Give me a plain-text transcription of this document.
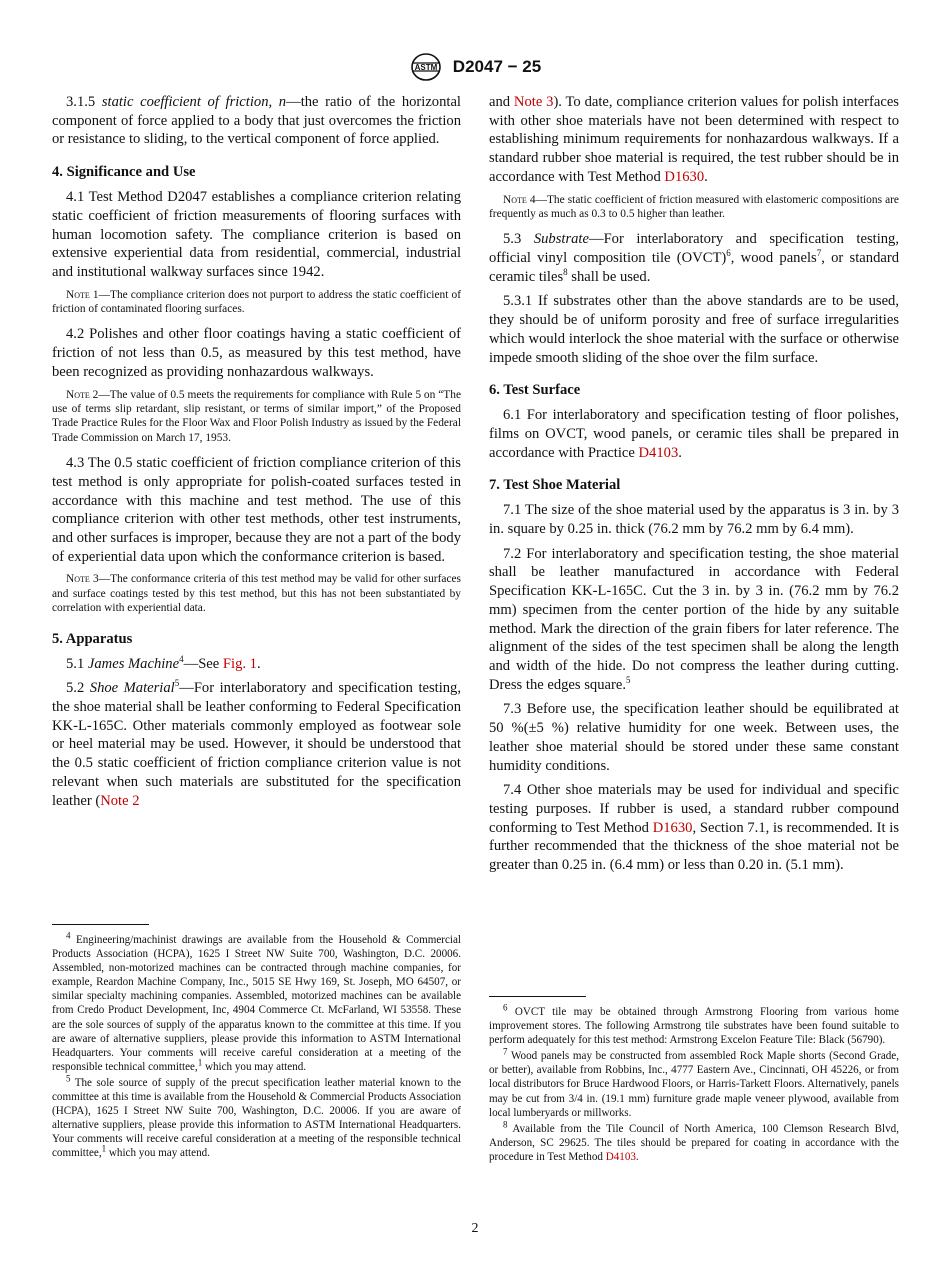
ASTM D2047 − 25

3.1.5 static coefficient of friction, n—the ratio of the horizontal component of force applied to a body that just overcomes the friction or resistance to sliding, to the vertical component of force applied.

4. Significance and Use

4.1 Test Method D2047 establishes a compliance criterion relating static coefficient of friction measurements of flooring surfaces with human locomotion safety. The compliance criterion is based on extensive experiential data from residential, commercial, industrial and institutional walkway surfaces since 1942.

Note 1—The compliance criterion does not purport to address the static coefficient of friction of contaminated flooring surfaces.

4.2 Polishes and other floor coatings having a static coefficient of friction of not less than 0.5, as measured by this test method, have been recognized as providing nonhazardous walkways.

Note 2—The value of 0.5 meets the requirements for compliance with Rule 5 on “The use of terms slip retardant, slip resistant, or terms of similar import,” of the Proposed Trade Practice Rules for the Floor Wax and Floor Polish Industry as issued by the Federal Trade Commission on March 17, 1953.

4.3 The 0.5 static coefficient of friction compliance criterion of this test method is only appropriate for polish-coated surfaces tested in accordance with this machine and test method. The use of this compliance criterion with other test methods, other test instruments, and other surfaces is improper, because they are not a part of the body of experiential data upon which the conformance criterion is based.

Note 3—The conformance criteria of this test method may be valid for other surfaces and surface coatings tested by this test method, but this has not been substantiated by correlation with experiential data.
5. Apparatus

5.1 James Machine$^4$—See Fig. 1.

5.2 Shoe Material$^5$—For interlaboratory and specification testing, the shoe material shall be leather conforming to Federal Specification KK-L-165C. Other materials commonly employed as footwear sole or heel material may be used. However, it should be understood that the 0.5 static coefficient of friction compliance criterion value is not relevant when such materials are substituted for the specification leather (Note 2

$^4$ Engineering/machinist drawings are available from the Household & Commercial Products Association (HCPA), 1625 I Street NW Suite 700, Washington, D.C. 20006. Assembled, non-motorized machines can be contracted through machine companies, for example, Reardon Machine Company, Inc., 5015 SE Hwy 169, St. Joseph, MO 64507, or similar specialty machining companies. Assembled, motorized machines can be available from Credo Product Development, Inc, 4904 Commerce Ct. McFarland, WI 53558. These are the sole sources of supply of the apparatus known to the committee at this time. If you are aware of alternative suppliers, please provide this information to ASTM International Headquarters. Your comments will receive careful consideration at a meeting of the responsible technical committee,$^1$ which you may attend.
$^5$ The sole source of supply of the precut specification leather material known to the committee at this time is available from the Household & Commercial Products Association (HCPA), 1625 I Street NW Suite 700, Washington, D.C. 20006. If you are aware of alternative suppliers, please provide this information to ASTM International Headquarters. Your comments will receive careful consideration at a meeting of the responsible technical committee,$^1$ which you may attend.

and Note 3). To date, compliance criterion values for polish interfaces with other shoe materials have not been determined with respect to establishing minimum requirements for nonhazardous walkways. If a standard rubber shoe material is required, the test rubber should be in accordance with Test Method D1630.

Note 4—The static coefficient of friction measured with elastomeric compositions are frequently as much as 0.3 to 0.5 higher than leather.

5.3 Substrate—For interlaboratory and specification testing, official vinyl composition tile (OVCT)$^6$, wood panels$^7$, or standard ceramic tiles$^8$ shall be used.

5.3.1 If substrates other than the above standards are to be used, they should be of uniform porosity and free of surface irregularities which would interlock the shoe material with the surface or otherwise impede smooth sliding of the shoe over the film surface.

6. Test Surface

6.1 For interlaboratory and specification testing of floor polishes, films on OVCT, wood panels, or ceramic tiles shall be prepared in accordance with Practice D4103.

7. Test Shoe Material

7.1 The size of the shoe material used by the apparatus is 3 in. by 3 in. square by 0.25 in. thick (76.2 mm by 76.2 mm by 6.4 mm).

7.2 For interlaboratory and specification testing, the shoe material shall be leather manufactured in accordance with Federal Specification KK-L-165C. Cut the 3 in. by 3 in. (76.2 mm by 76.2 mm) specimen from the center portion of the hide by any suitable method. Mark the direction of the grain fibers for later reference. The alignment of the sides of the test specimen shall be along the length and width of the hide. Do not compress the leather during cutting. Dress the edges square.$^5$

7.3 Before use, the specification leather should be equilibrated at 50 %(±5 %) relative humidity for one week. Between uses, the leather shoe material should be stored under these same constant humidity conditions.

7.4 Other shoe materials may be used for individual and specific testing purposes. If rubber is used, a standard rubber compound conforming to Test Method D1630, Section 7.1, is recommended. It is further recommended that the thickness of the shoe material not be greater than 0.25 in. (6.4 mm) or less than 0.20 in. (5.1 mm).

$^6$ OVCT tile may be obtained through Armstrong Flooring from various home improvement stores. The following Armstrong tile substrates have been found suitable to perform adequately for this test method: Armstrong Excelon Feature Tile: Black (56790).
$^7$ Wood panels may be constructed from assembled Rock Maple shorts (Second Grade, or better), available from Robbins, Inc., 4777 Eastern Ave., Cincinnati, OH 45226, or from local distributors for Bruce Hardwood Floors, or Harris-Tarkett Floors. Alternatively, panels may be cut from 3/4 in. (19.1 mm) furniture grade maple veneer plywood, available from local lumberyards or millworks.
$^8$ Available from the Tile Council of North America, 100 Clemson Research Blvd, Anderson, SC 29625. The tiles should be prepared for coating in accordance with the procedure in Test Method D4103.
2
